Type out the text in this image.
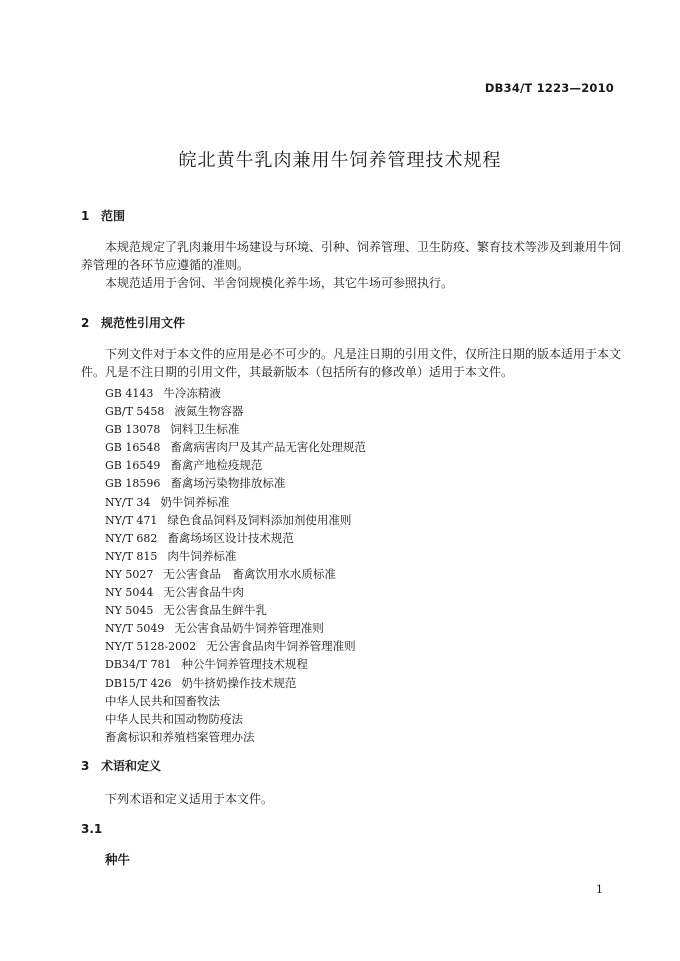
DB34/T 1223—2010
皖北黄牛乳肉兼用牛饲养管理技术规程
1 范围

本规范规定了乳肉兼用牛场建设与环境、引种、饲养管理、卫生防疫、繁育技术等涉及到兼用牛饲养管理的各环节应遵循的准则。

本规范适用于舍饲、半舍饲规模化养牛场，其它牛场可参照执行。

2 规范性引用文件

下列文件对于本文件的应用是必不可少的。凡是注日期的引用文件，仅所注日期的版本适用于本文件。凡是不注日期的引用文件，其最新版本（包括所有的修改单）适用于本文件。

GB 4143 牛冷冻精液
GB/T 5458 液氮生物容器
GB 13078 饲料卫生标准
GB 16548 畜禽病害肉尸及其产品无害化处理规范
GB 16549 畜禽产地检疫规范
GB 18596 畜禽场污染物排放标准
NY/T 34 奶牛饲养标准
NY/T 471 绿色食品饲料及饲料添加剂使用准则
NY/T 682 畜禽场场区设计技术规范
NY/T 815 肉牛饲养标准
NY 5027 无公害食品　畜禽饮用水水质标准
NY 5044 无公害食品牛肉
NY 5045 无公害食品生鲜牛乳
NY/T 5049 无公害食品奶牛饲养管理准则
NY/T 5128-2002 无公害食品肉牛饲养管理准则
DB34/T 781 种公牛饲养管理技术规程
DB15/T 426 奶牛挤奶操作技术规范
中华人民共和国畜牧法
中华人民共和国动物防疫法
畜禽标识和养殖档案管理办法
3 术语和定义

下列术语和定义适用于本文件。

3.1
种牛
1
